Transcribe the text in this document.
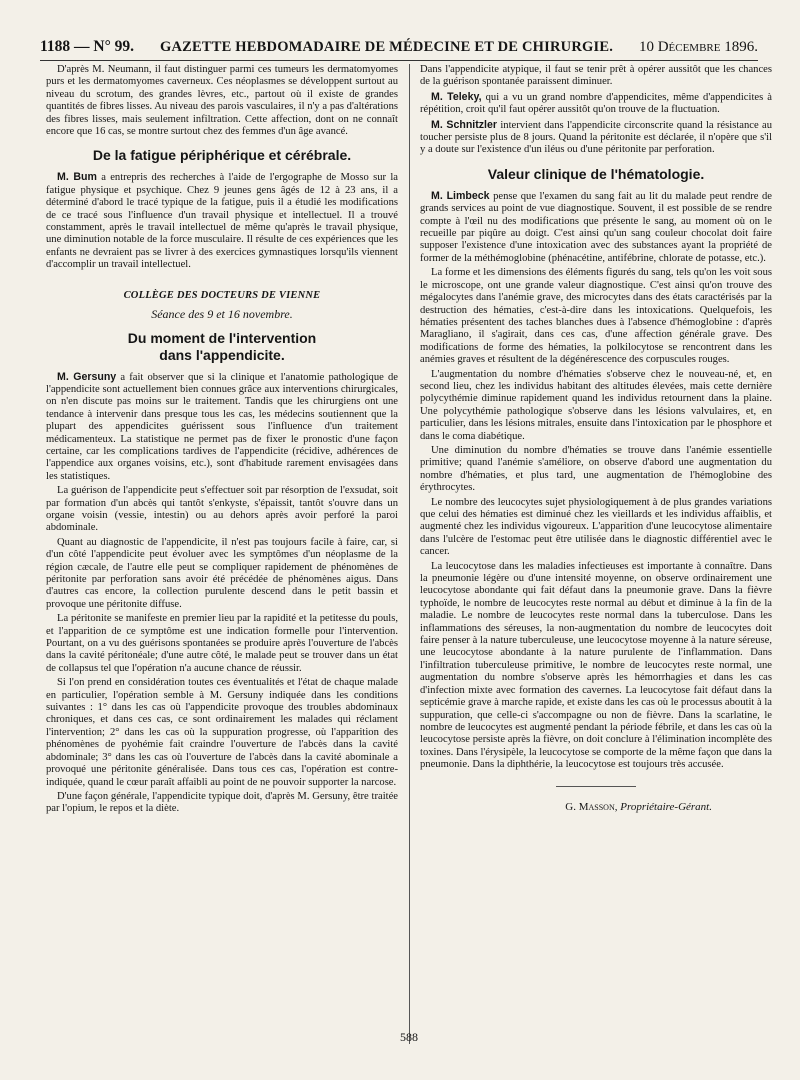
1188 — N° 99. GAZETTE HEBDOMADAIRE DE MÉDECINE ET DE CHIRURGIE. 10 Décembre 1896.

D'après M. Neumann, il faut distinguer parmi ces tumeurs les dermatomyomes purs et les dermatomyomes caverneux. Ces néoplasmes se développent surtout au niveau du scrotum, des grandes lèvres, etc., partout où il existe de grandes quantités de fibres lisses. Au niveau des parois vasculaires, il n'y a pas d'altérations des fibres lisses, mais seulement infiltration. Cette affection, dont on ne connaît encore que 16 cas, se montre surtout chez des femmes d'un âge avancé.

De la fatigue périphérique et cérébrale.

M. Bum a entrepris des recherches à l'aide de l'ergographe de Mosso sur la fatigue physique et psychique. Chez 9 jeunes gens âgés de 12 à 23 ans, il a déterminé d'abord le tracé typique de la fatigue, puis il a étudié les modifications de ce tracé sous l'influence d'un travail physique et intellectuel. Il a trouvé constamment, après le travail intellectuel de même qu'après le travail physique, une diminution notable de la force musculaire. Il résulte de ces expériences que les enfants ne devraient pas se livrer à des exercices gymnastiques lorsqu'ils viennent d'accomplir un travail intellectuel.

COLLÈGE DES DOCTEURS DE VIENNE
Séance des 9 et 16 novembre.
Du moment de l'intervention
dans l'appendicite.

M. Gersuny a fait observer que si la clinique et l'anatomie pathologique de l'appendicite sont actuellement bien connues grâce aux interventions chirurgicales, on n'en discute pas moins sur le traitement. Tandis que les chirurgiens ont une tendance à intervenir dans presque tous les cas, les médecins soutiennent que la plupart des appendicites guérissent sous l'influence d'un traitement médicamenteux. La statistique ne permet pas de fixer le pronostic d'une façon certaine, car les complications tardives de l'appendicite (récidive, adhérences de l'appendice aux organes voisins, etc.), sont d'habitude rarement envisagées dans les statistiques.

La guérison de l'appendicite peut s'effectuer soit par résorption de l'exsudat, soit par formation d'un abcès qui tantôt s'enkyste, s'épaissit, tantôt s'ouvre dans un organe voisin (vessie, intestin) ou au dehors après avoir perforé la paroi abdominale.

Quant au diagnostic de l'appendicite, il n'est pas toujours facile à faire, car, si d'un côté l'appendicite peut évoluer avec les symptômes d'un néoplasme de la région cæcale, de l'autre elle peut se compliquer rapidement de phénomènes de péritonite par perforation sans avoir été précédée de phénomènes aigus. Dans d'autres cas encore, la collection purulente descend dans le petit bassin et provoque une péritonite diffuse.

La péritonite se manifeste en premier lieu par la rapidité et la petitesse du pouls, et l'apparition de ce symptôme est une indication formelle pour l'intervention. Pourtant, on a vu des guérisons spontanées se produire après l'ouverture de l'abcès dans la cavité péritonéale; d'une autre côté, le malade peut se trouver dans un état de collapsus tel que l'opération n'a aucune chance de réussir.

Si l'on prend en considération toutes ces éventualités et l'état de chaque malade en particulier, l'opération semble à M. Gersuny indiquée dans les conditions suivantes : 1° dans les cas où l'appendicite provoque des troubles abdominaux chroniques, et dans ces cas, ce sont ordinairement les malades qui réclament l'intervention; 2° dans les cas où la suppuration progresse, où l'apparition des phénomènes de pyohémie fait craindre l'ouverture de l'abcès dans la cavité abdominale; 3° dans les cas où l'ouverture de l'abcès dans la cavité abominale a provoqué une péritonite généralisée. Dans tous ces cas, l'opération est contre-indiquée, quand le cœur paraît affaibli au point de ne pouvoir supporter la narcose.

D'une façon générale, l'appendicite typique doit, d'après M. Gersuny, être traitée par l'opium, le repos et la diète.

Dans l'appendicite atypique, il faut se tenir prêt à opérer aussitôt que les chances de la guérison spontanée paraissent diminuer.

M. Teleky, qui a vu un grand nombre d'appendicites, même d'appendicites à répétition, croit qu'il faut opérer aussitôt qu'on trouve de la fluctuation.

M. Schnitzler intervient dans l'appendicite circonscrite quand la résistance au toucher persiste plus de 8 jours. Quand la péritonite est déclarée, il n'opère que s'il y a doute sur l'existence d'un iléus ou d'une péritonite par perforation.

Valeur clinique de l'hématologie.

M. Limbeck pense que l'examen du sang fait au lit du malade peut rendre de grands services au point de vue diagnostique. Souvent, il est possible de se rendre compte à l'œil nu des modifications que présente le sang, au moment où on le recueille par piqûre au doigt. C'est ainsi qu'un sang couleur chocolat doit faire supposer l'existence d'une intoxication avec des substances ayant la propriété de former de la méthémoglobine (phénacétine, antifébrine, chlorate de potasse, etc.).

La forme et les dimensions des éléments figurés du sang, tels qu'on les voit sous le microscope, ont une grande valeur diagnostique. C'est ainsi qu'on trouve des mégalocytes dans l'anémie grave, des microcytes dans des états caractérisés par la destruction des hématies, c'est-à-dire dans les intoxications. Quelquefois, les hématies présentent des taches blanches dues à l'absence d'hémoglobine : d'après Maragliano, il s'agirait, dans ces cas, d'une affection générale grave. Des modifications de forme des hématies, la polkilocytose se rencontrent dans les anémies graves et résultent de la dégénérescence des corpuscules rouges.

L'augmentation du nombre d'hématies s'observe chez le nouveau-né, et, en second lieu, chez les individus habitant des altitudes élevées, mais cette dernière polycythémie diminue rapidement quand les individus retournent dans la plaine. Une polycythémie pathologique s'observe dans les lésions valvulaires, et, en particulier, dans les lésions mitrales, ensuite dans l'intoxication par le phosphore et dans le coma diabétique.

Une diminution du nombre d'hématies se trouve dans l'anémie essentielle primitive; quand l'anémie s'améliore, on observe d'abord une augmentation du nombre d'hématies, et plus tard, une augmentation de l'hémoglobine des érythrocytes.

Le nombre des leucocytes sujet physiologiquement à de plus grandes variations que celui des hématies est diminué chez les vieillards et les individus affaiblis, et augmenté chez les individus vigoureux. L'apparition d'une leucocytose alimentaire dans l'ulcère de l'estomac peut être utilisée dans le diagnostic différentiel avec le cancer.

La leucocytose dans les maladies infectieuses est importante à connaître. Dans la pneumonie légère ou d'une intensité moyenne, on observe ordinairement une leucocytose abondante qui fait défaut dans la pneumonie grave. Dans la fièvre typhoïde, le nombre de leucocytes reste normal au début et diminue à la fin de la maladie. Le nombre de leucocytes reste normal dans la tuberculose. Dans les inflammations des séreuses, la non-augmentation du nombre de leucocytes doit faire penser à la nature tuberculeuse, une leucocytose moyenne à la nature séreuse, une leucocytose abondante à la nature purulente de l'inflammation. Dans l'infiltration tuberculeuse primitive, le nombre de leucocytes reste normal, une augmentation du nombre s'observe après les hémorrhagies et dans les cas d'infection mixte avec formation des cavernes. La leucocytose fait défaut dans la septicémie grave à marche rapide, et existe dans les cas où le processus aboutit à la suppuration, que celle-ci s'accompagne ou non de fièvre. Dans la scarlatine, le nombre de leucocytes est augmenté pendant la période fébrile, et dans les cas où la leucocytose persiste après la fièvre, on doit conclure à l'élimination incomplète des toxines. Dans l'érysipèle, la leucocytose se comporte de la même façon que dans la pneumonie. Dans la diphthérie, la leucocytose est toujours très accusée.

G. Masson, Propriétaire-Gérant.
588
